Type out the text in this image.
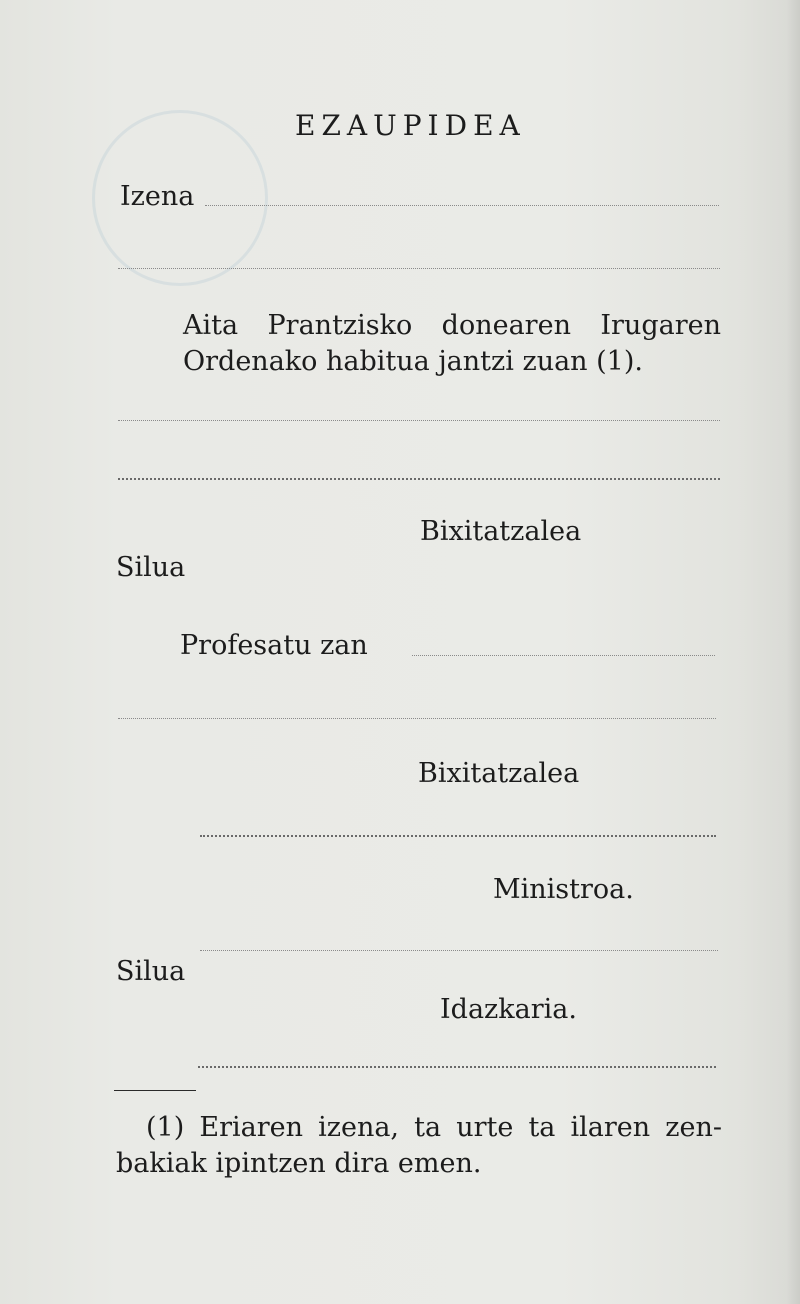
EZAUPIDEA
Izena
Aita Prantzisko donearen Irugaren
Ordenako habitua jantzi zuan (1).
Bixitatzalea
Silua
Profesatu zan
Bixitatzalea
Ministroa.
Silua
Idazkaria.
(1) Eriaren izena, ta urte ta ilaren zen-
bakiak ipintzen dira emen.
